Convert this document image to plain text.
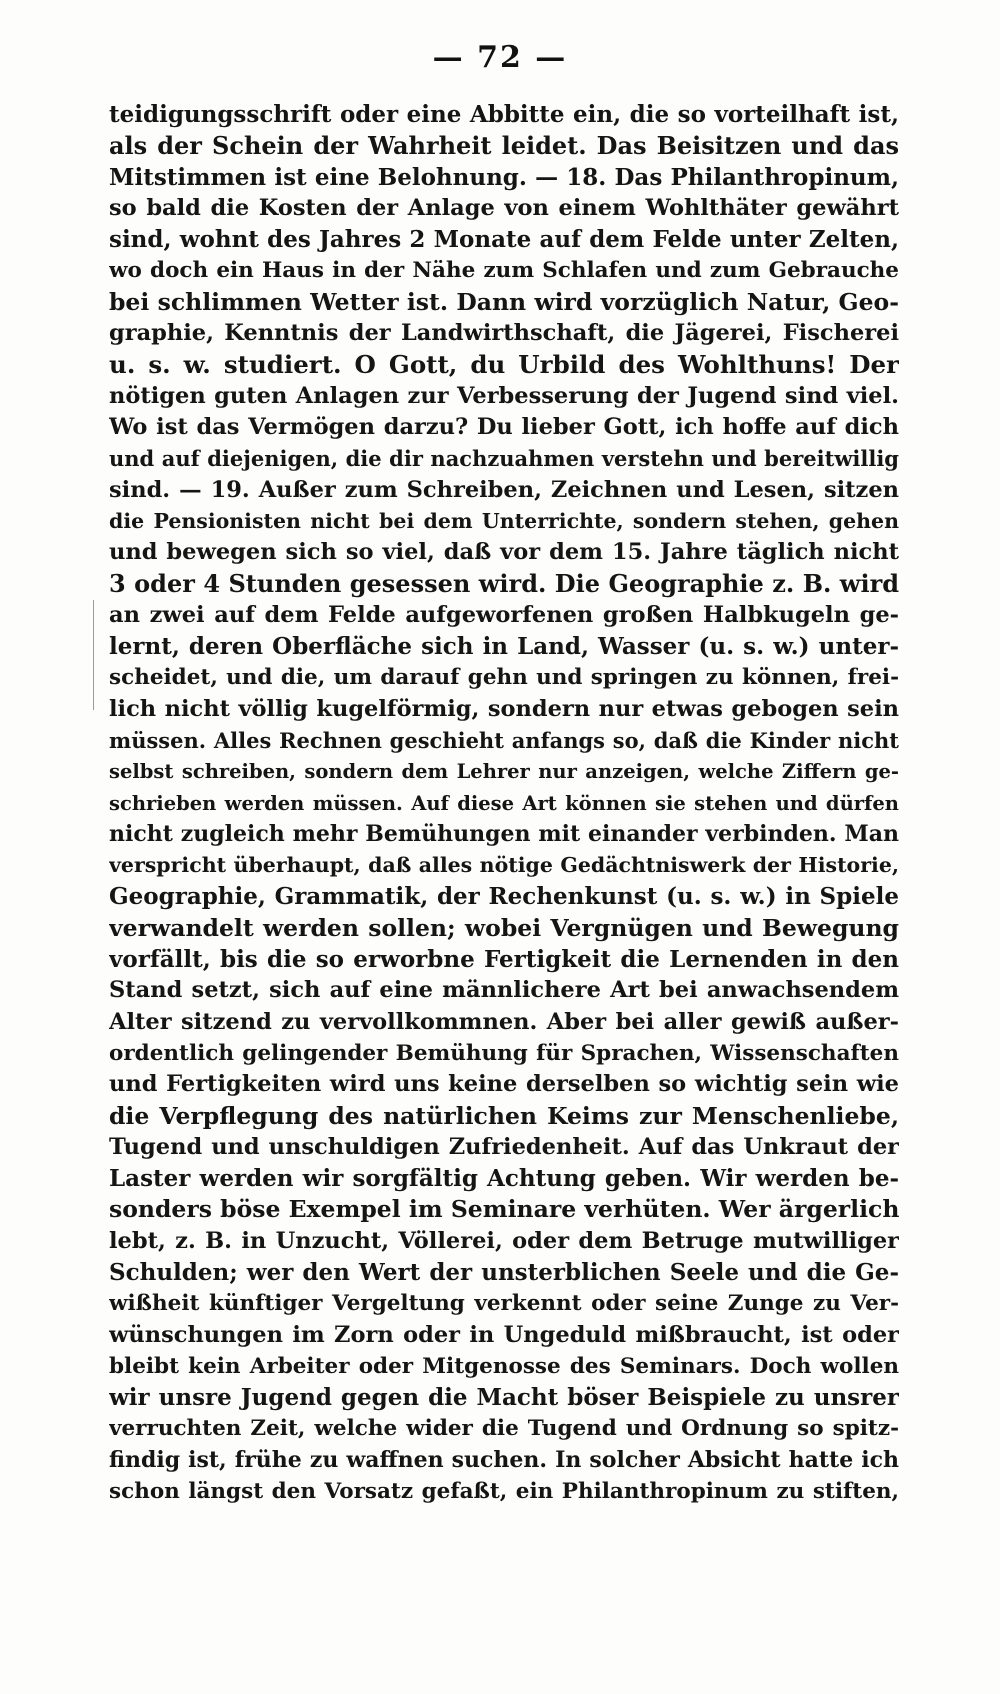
— 72 —
teidigungsschrift oder eine Abbitte ein, die so vorteilhaft ist,
als der Schein der Wahrheit leidet. Das Beisitzen und das
Mitstimmen ist eine Belohnung. — 18. Das Philanthropinum,
so bald die Kosten der Anlage von einem Wohlthäter gewährt
sind, wohnt des Jahres 2 Monate auf dem Felde unter Zelten,
wo doch ein Haus in der Nähe zum Schlafen und zum Gebrauche
bei schlimmen Wetter ist. Dann wird vorzüglich Natur, Geo-
graphie, Kenntnis der Landwirthschaft, die Jägerei, Fischerei
u. s. w. studiert. O Gott, du Urbild des Wohlthuns! Der
nötigen guten Anlagen zur Verbesserung der Jugend sind viel.
Wo ist das Vermögen darzu? Du lieber Gott, ich hoffe auf dich
und auf diejenigen, die dir nachzuahmen verstehn und bereitwillig
sind. — 19. Außer zum Schreiben, Zeichnen und Lesen, sitzen
die Pensionisten nicht bei dem Unterrichte, sondern stehen, gehen
und bewegen sich so viel, daß vor dem 15. Jahre täglich nicht
3 oder 4 Stunden gesessen wird. Die Geographie z. B. wird
an zwei auf dem Felde aufgeworfenen großen Halbkugeln ge-
lernt, deren Oberfläche sich in Land, Wasser (u. s. w.) unter-
scheidet, und die, um darauf gehn und springen zu können, frei-
lich nicht völlig kugelförmig, sondern nur etwas gebogen sein
müssen. Alles Rechnen geschieht anfangs so, daß die Kinder nicht
selbst schreiben, sondern dem Lehrer nur anzeigen, welche Ziffern ge-
schrieben werden müssen. Auf diese Art können sie stehen und dürfen
nicht zugleich mehr Bemühungen mit einander verbinden. Man
verspricht überhaupt, daß alles nötige Gedächtniswerk der Historie,
Geographie, Grammatik, der Rechenkunst (u. s. w.) in Spiele
verwandelt werden sollen; wobei Vergnügen und Bewegung
vorfällt, bis die so erworbne Fertigkeit die Lernenden in den
Stand setzt, sich auf eine männlichere Art bei anwachsendem
Alter sitzend zu vervollkommnen. Aber bei aller gewiß außer-
ordentlich gelingender Bemühung für Sprachen, Wissenschaften
und Fertigkeiten wird uns keine derselben so wichtig sein wie
die Verpflegung des natürlichen Keims zur Menschenliebe,
Tugend und unschuldigen Zufriedenheit. Auf das Unkraut der
Laster werden wir sorgfältig Achtung geben. Wir werden be-
sonders böse Exempel im Seminare verhüten. Wer ärgerlich
lebt, z. B. in Unzucht, Völlerei, oder dem Betruge mutwilliger
Schulden; wer den Wert der unsterblichen Seele und die Ge-
wißheit künftiger Vergeltung verkennt oder seine Zunge zu Ver-
wünschungen im Zorn oder in Ungeduld mißbraucht, ist oder
bleibt kein Arbeiter oder Mitgenosse des Seminars. Doch wollen
wir unsre Jugend gegen die Macht böser Beispiele zu unsrer
verruchten Zeit, welche wider die Tugend und Ordnung so spitz-
findig ist, frühe zu waffnen suchen. In solcher Absicht hatte ich
schon längst den Vorsatz gefaßt, ein Philanthropinum zu stiften,
